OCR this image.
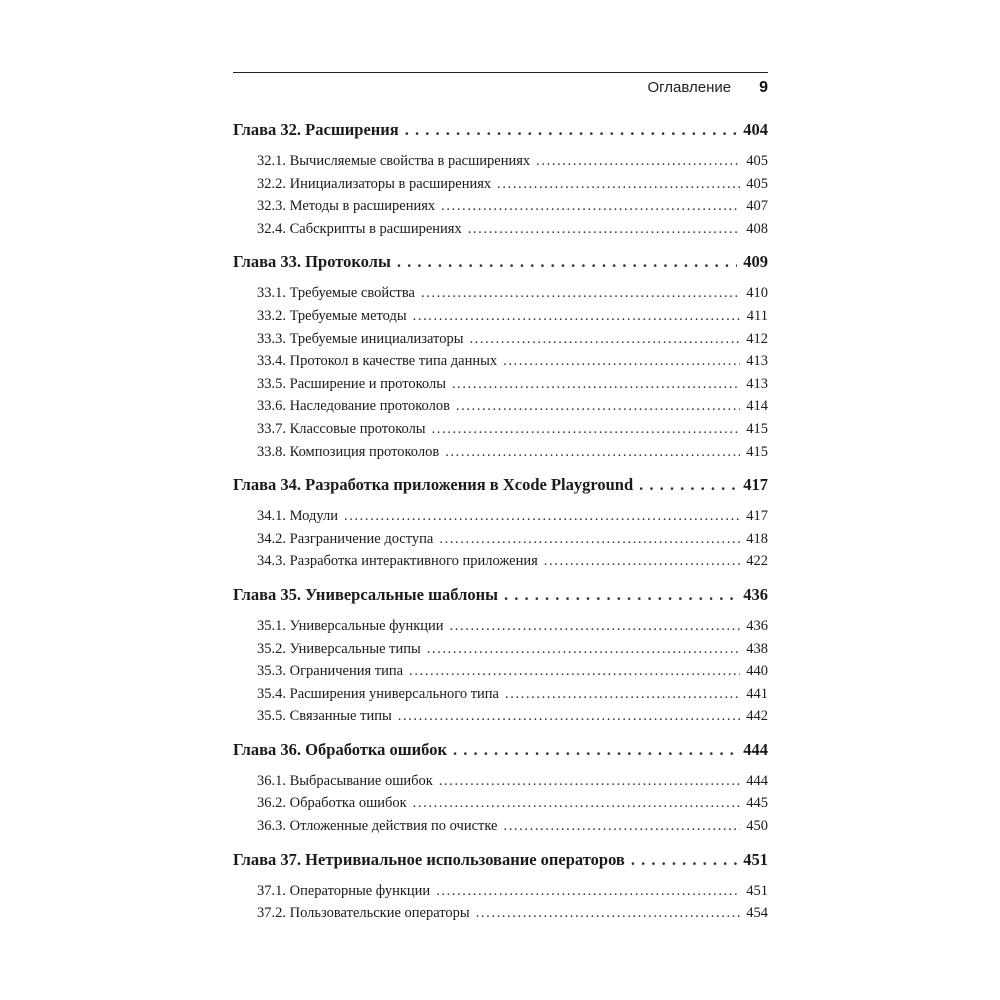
Оглавление 9
Глава 32. Расширения . . .	404
32.1. Вычисляемые свойства в расширениях .....	405
32.2. Инициализаторы в расширениях .....	405
32.3. Методы в расширениях .....	407
32.4. Сабскрипты в расширениях .....	408
Глава 33. Протоколы . . .	409
33.1. Требуемые свойства .....	410
33.2. Требуемые методы .....	411
33.3. Требуемые инициализаторы .....	412
33.4. Протокол в качестве типа данных .....	413
33.5. Расширение и протоколы .....	413
33.6. Наследование протоколов .....	414
33.7. Классовые протоколы .....	415
33.8. Композиция протоколов .....	415
Глава 34. Разработка приложения в Xcode Playground . . .	417
34.1. Модули .....	417
34.2. Разграничение доступа .....	418
34.3. Разработка интерактивного приложения .....	422
Глава 35. Универсальные шаблоны . . .	436
35.1. Универсальные функции .....	436
35.2. Универсальные типы .....	438
35.3. Ограничения типа .....	440
35.4. Расширения универсального типа .....	441
35.5. Связанные типы .....	442
Глава 36. Обработка ошибок . . .	444
36.1. Выбрасывание ошибок .....	444
36.2. Обработка ошибок .....	445
36.3. Отложенные действия по очистке .....	450
Глава 37. Нетривиальное использование операторов . . .	451
37.1. Операторные функции .....	451
37.2. Пользовательские операторы .....	454
